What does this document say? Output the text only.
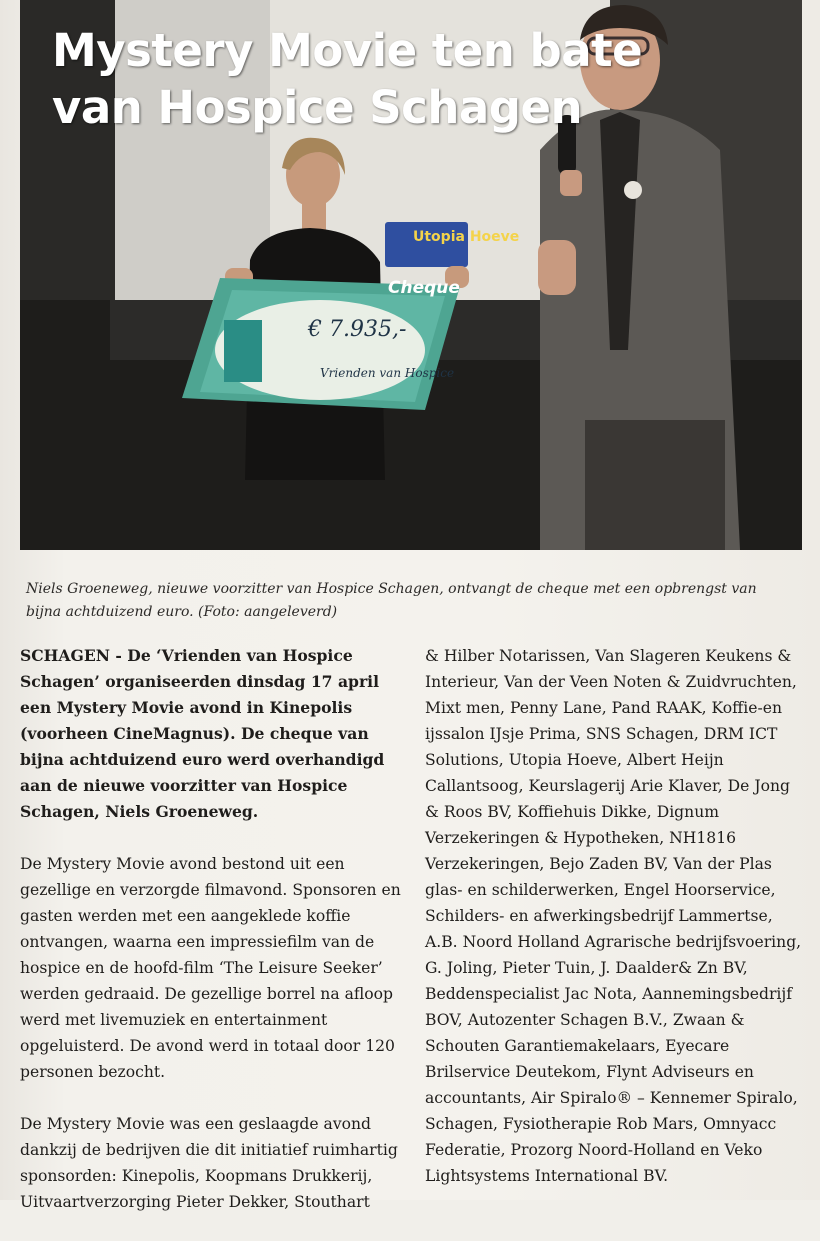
Mystery Movie ten bate
van Hospice Schagen
Utopia Hoeve
Cheque
€ 7.935,-
Vrienden van Hospice

Niels Groeneweg, nieuwe voorzitter van Hospice Schagen, ontvangt de cheque met een opbrengst van bijna achtduizend euro. (Foto: aangeleverd)

SCHAGEN - De ‘Vrienden van Hospice Schagen’ organiseerden dinsdag 17 april een Mystery Movie avond in Kinepolis (voorheen CineMagnus). De cheque van bijna achtduizend euro werd overhandigd aan de nieuwe voorzitter van Hospice Schagen, Niels Groeneweg.

De Mystery Movie avond bestond uit een gezellige en verzorgde filmavond. Sponsoren en gasten werden met een aangeklede koffie ontvangen, waarna een impressiefilm van de hospice en de hoofd-film ‘The Leisure Seeker’ werden gedraaid. De gezellige borrel na afloop werd met livemuziek en entertainment opgeluisterd. De avond werd in totaal door 120 personen bezocht.

De Mystery Movie was een geslaagde avond dankzij de bedrijven die dit initiatief ruimhartig sponsorden: Kinepolis, Koopmans Drukkerij, Uitvaartverzorging Pieter Dekker, Stouthart

& Hilber Notarissen, Van Slageren Keukens & Interieur, Van der Veen Noten & Zuidvruchten, Mixt men, Penny Lane, Pand RAAK, Koffie-en ijssalon IJsje Prima, SNS Schagen, DRM ICT Solutions, Utopia Hoeve, Albert Heijn Callantsoog, Keurslagerij Arie Klaver, De Jong & Roos BV, Koffiehuis Dikke, Dignum Verzekeringen & Hypotheken, NH1816 Verzekeringen, Bejo Zaden BV, Van der Plas glas- en schilderwerken, Engel Hoorservice, Schilders- en afwerkingsbedrijf Lammertse, A.B. Noord Holland Agrarische bedrijfsvoering, G. Joling, Pieter Tuin, J. Daalder& Zn BV, Beddenspecialist Jac Nota, Aannemingsbedrijf BOV, Autozenter Schagen B.V., Zwaan & Schouten Garantiemakelaars, Eyecare Brilservice Deutekom, Flynt Adviseurs en accountants, Air Spiralo® – Kennemer Spiralo, Schagen, Fysiotherapie Rob Mars, Omnyacc Federatie, Prozorg Noord-Holland en Veko Lightsystems International BV.
